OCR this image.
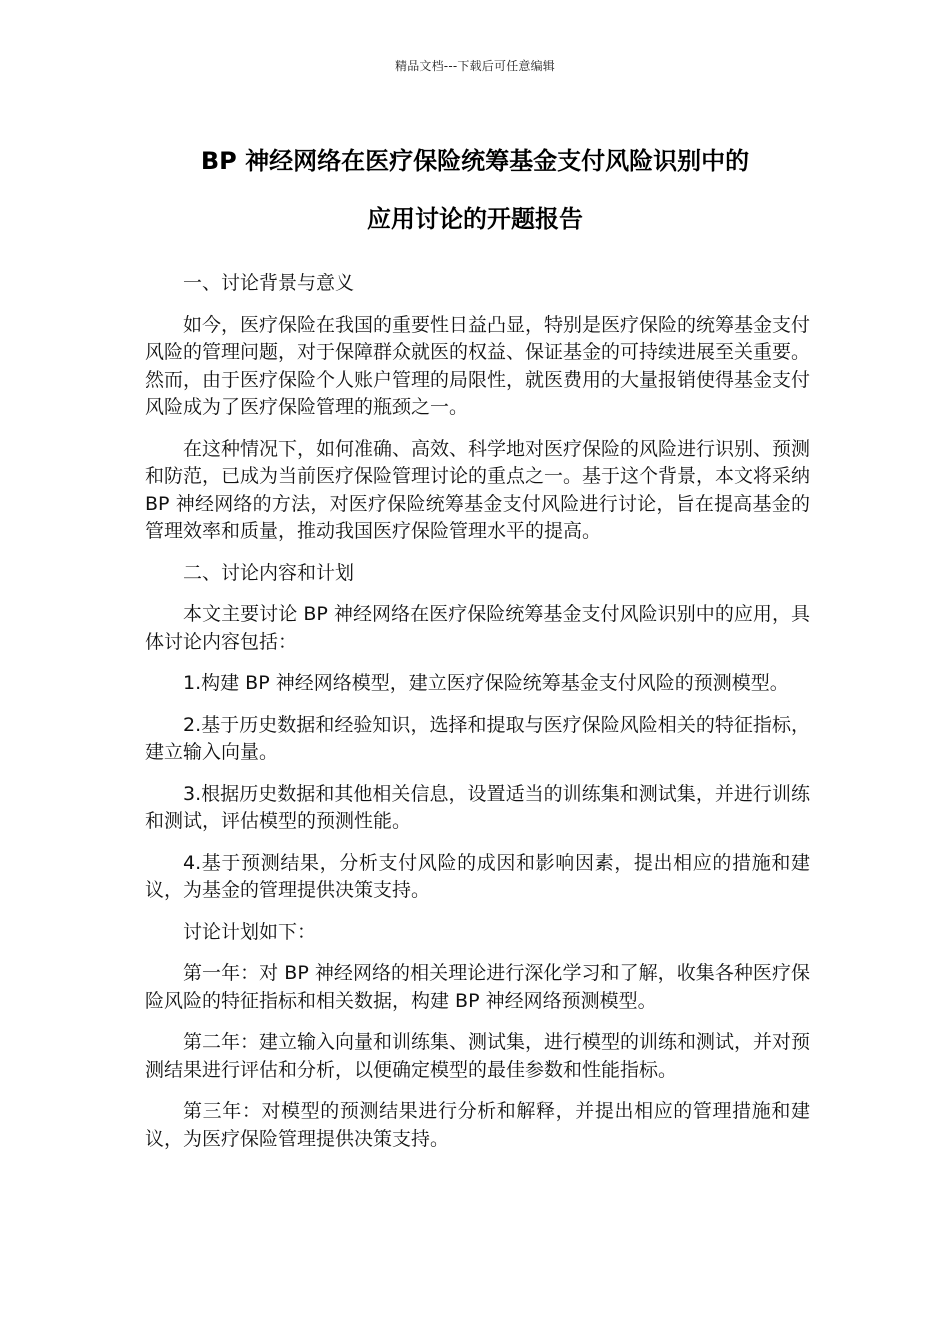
精品文档---下载后可任意编辑
BP 神经网络在医疗保险统筹基金支付风险识别中的
应用讨论的开题报告

一、讨论背景与意义

如今，医疗保险在我国的重要性日益凸显，特别是医疗保险的统筹基金支付风险的管理问题，对于保障群众就医的权益、保证基金的可持续进展至关重要。然而，由于医疗保险个人账户管理的局限性，就医费用的大量报销使得基金支付风险成为了医疗保险管理的瓶颈之一。

在这种情况下，如何准确、高效、科学地对医疗保险的风险进行识别、预测和防范，已成为当前医疗保险管理讨论的重点之一。基于这个背景，本文将采纳 BP 神经网络的方法，对医疗保险统筹基金支付风险进行讨论，旨在提高基金的管理效率和质量，推动我国医疗保险管理水平的提高。

二、讨论内容和计划

本文主要讨论 BP 神经网络在医疗保险统筹基金支付风险识别中的应用，具体讨论内容包括：

1.构建 BP 神经网络模型，建立医疗保险统筹基金支付风险的预测模型。

2.基于历史数据和经验知识，选择和提取与医疗保险风险相关的特征指标，建立输入向量。

3.根据历史数据和其他相关信息，设置适当的训练集和测试集，并进行训练和测试，评估模型的预测性能。

4.基于预测结果，分析支付风险的成因和影响因素，提出相应的措施和建议，为基金的管理提供决策支持。

讨论计划如下：

第一年：对 BP 神经网络的相关理论进行深化学习和了解，收集各种医疗保险风险的特征指标和相关数据，构建 BP 神经网络预测模型。

第二年：建立输入向量和训练集、测试集，进行模型的训练和测试，并对预测结果进行评估和分析，以便确定模型的最佳参数和性能指标。

第三年：对模型的预测结果进行分析和解释，并提出相应的管理措施和建议，为医疗保险管理提供决策支持。
